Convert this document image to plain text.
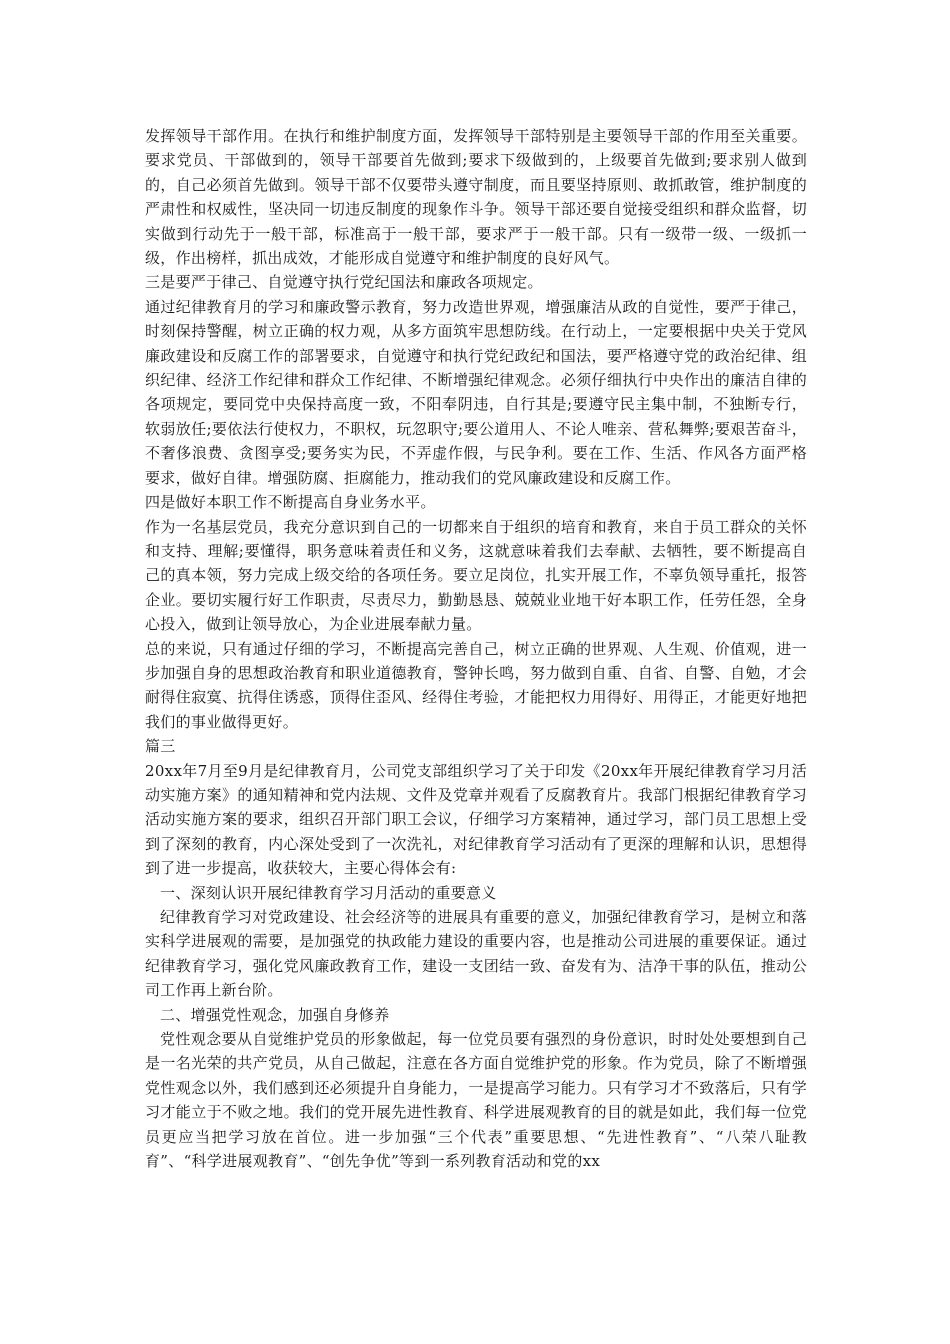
发挥领导干部作用。在执行和维护制度方面，发挥领导干部特别是主要领导干部的作用至关重要。要求党员、干部做到的，领导干部要首先做到;要求下级做到的，上级要首先做到;要求别人做到的，自己必须首先做到。领导干部不仅要带头遵守制度，而且要坚持原则、敢抓敢管，维护制度的严肃性和权威性，坚决同一切违反制度的现象作斗争。领导干部还要自觉接受组织和群众监督，切实做到行动先于一般干部，标准高于一般干部，要求严于一般干部。只有一级带一级、一级抓一级，作出榜样，抓出成效，才能形成自觉遵守和维护制度的良好风气。

三是要严于律己、自觉遵守执行党纪国法和廉政各项规定。

通过纪律教育月的学习和廉政警示教育，努力改造世界观，增强廉洁从政的自觉性，要严于律己，时刻保持警醒，树立正确的权力观，从多方面筑牢思想防线。在行动上，一定要根据中央关于党风廉政建设和反腐工作的部署要求，自觉遵守和执行党纪政纪和国法，要严格遵守党的政治纪律、组织纪律、经济工作纪律和群众工作纪律、不断增强纪律观念。必须仔细执行中央作出的廉洁自律的各项规定，要同党中央保持高度一致，不阳奉阴违，自行其是;要遵守民主集中制，不独断专行，软弱放任;要依法行使权力，不职权，玩忽职守;要公道用人、不论人唯亲、营私舞弊;要艰苦奋斗，不奢侈浪费、贪图享受;要务实为民，不弄虚作假，与民争利。要在工作、生活、作风各方面严格要求，做好自律。增强防腐、拒腐能力，推动我们的党风廉政建设和反腐工作。

四是做好本职工作不断提高自身业务水平。

作为一名基层党员，我充分意识到自己的一切都来自于组织的培育和教育，来自于员工群众的关怀和支持、理解;要懂得，职务意味着责任和义务，这就意味着我们去奉献、去牺牲，要不断提高自己的真本领，努力完成上级交给的各项任务。要立足岗位，扎实开展工作，不辜负领导重托，报答企业。要切实履行好工作职责，尽责尽力，勤勤恳恳、兢兢业业地干好本职工作，任劳任怨，全身心投入，做到让领导放心，为企业进展奉献力量。

总的来说，只有通过仔细的学习，不断提高完善自己，树立正确的世界观、人生观、价值观，进一步加强自身的思想政治教育和职业道德教育，警钟长鸣，努力做到自重、自省、自警、自勉，才会耐得住寂寞、抗得住诱惑，顶得住歪风、经得住考验，才能把权力用得好、用得正，才能更好地把我们的事业做得更好。

篇三

20xx年7月至9月是纪律教育月，公司党支部组织学习了关于印发《20xx年开展纪律教育学习月活动实施方案》的通知精神和党内法规、文件及党章并观看了反腐教育片。我部门根据纪律教育学习活动实施方案的要求，组织召开部门职工会议，仔细学习方案精神，通过学习，部门员工思想上受到了深刻的教育，内心深处受到了一次洗礼，对纪律教育学习活动有了更深的理解和认识，思想得到了进一步提高，收获较大，主要心得体会有:

一、深刻认识开展纪律教育学习月活动的重要意义

纪律教育学习对党政建设、社会经济等的进展具有重要的意义，加强纪律教育学习，是树立和落实科学进展观的需要，是加强党的执政能力建设的重要内容，也是推动公司进展的重要保证。通过纪律教育学习，强化党风廉政教育工作，建设一支团结一致、奋发有为、洁净干事的队伍，推动公司工作再上新台阶。

二、增强党性观念，加强自身修养

党性观念要从自觉维护党员的形象做起，每一位党员要有强烈的身份意识，时时处处要想到自己是一名光荣的共产党员，从自己做起，注意在各方面自觉维护党的形象。作为党员，除了不断增强党性观念以外，我们感到还必须提升自身能力，一是提高学习能力。只有学习才不致落后，只有学习才能立于不败之地。我们的党开展先进性教育、科学进展观教育的目的就是如此，我们每一位党员更应当把学习放在首位。进一步加强“三个代表”重要思想、“先进性教育”、“八荣八耻教育”、“科学进展观教育”、“创先争优”等到一系列教育活动和党的xx
